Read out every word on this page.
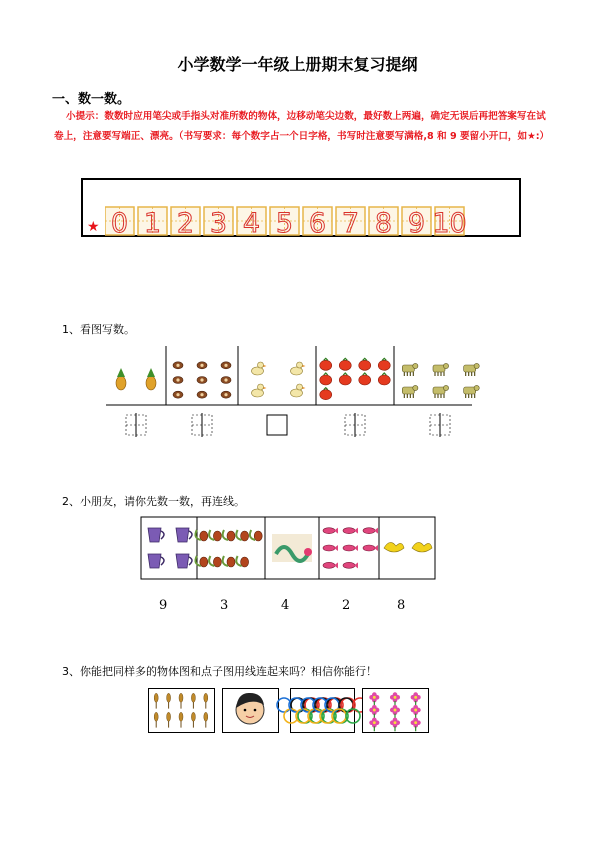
小学数学一年级上册期末复习提纲
一、数一数。
小提示：数数时应用笔尖或手指头对准所数的物体，边移动笔尖边数，最好数上两遍，确定无误后再把答案写在试卷上，注意要写端正、漂亮。（书写要求：每个数字占一个日字格，书写时注意要写满格,8 和 9 要留小开口，如★:）
★ 0 1 2 3 4 5 6 7 8 9 10
1、看图写数。
2、小朋友，请你先数一数，再连线。
9	3	4	2	8
3、你能把同样多的物体图和点子图用线连起来吗？相信你能行！
